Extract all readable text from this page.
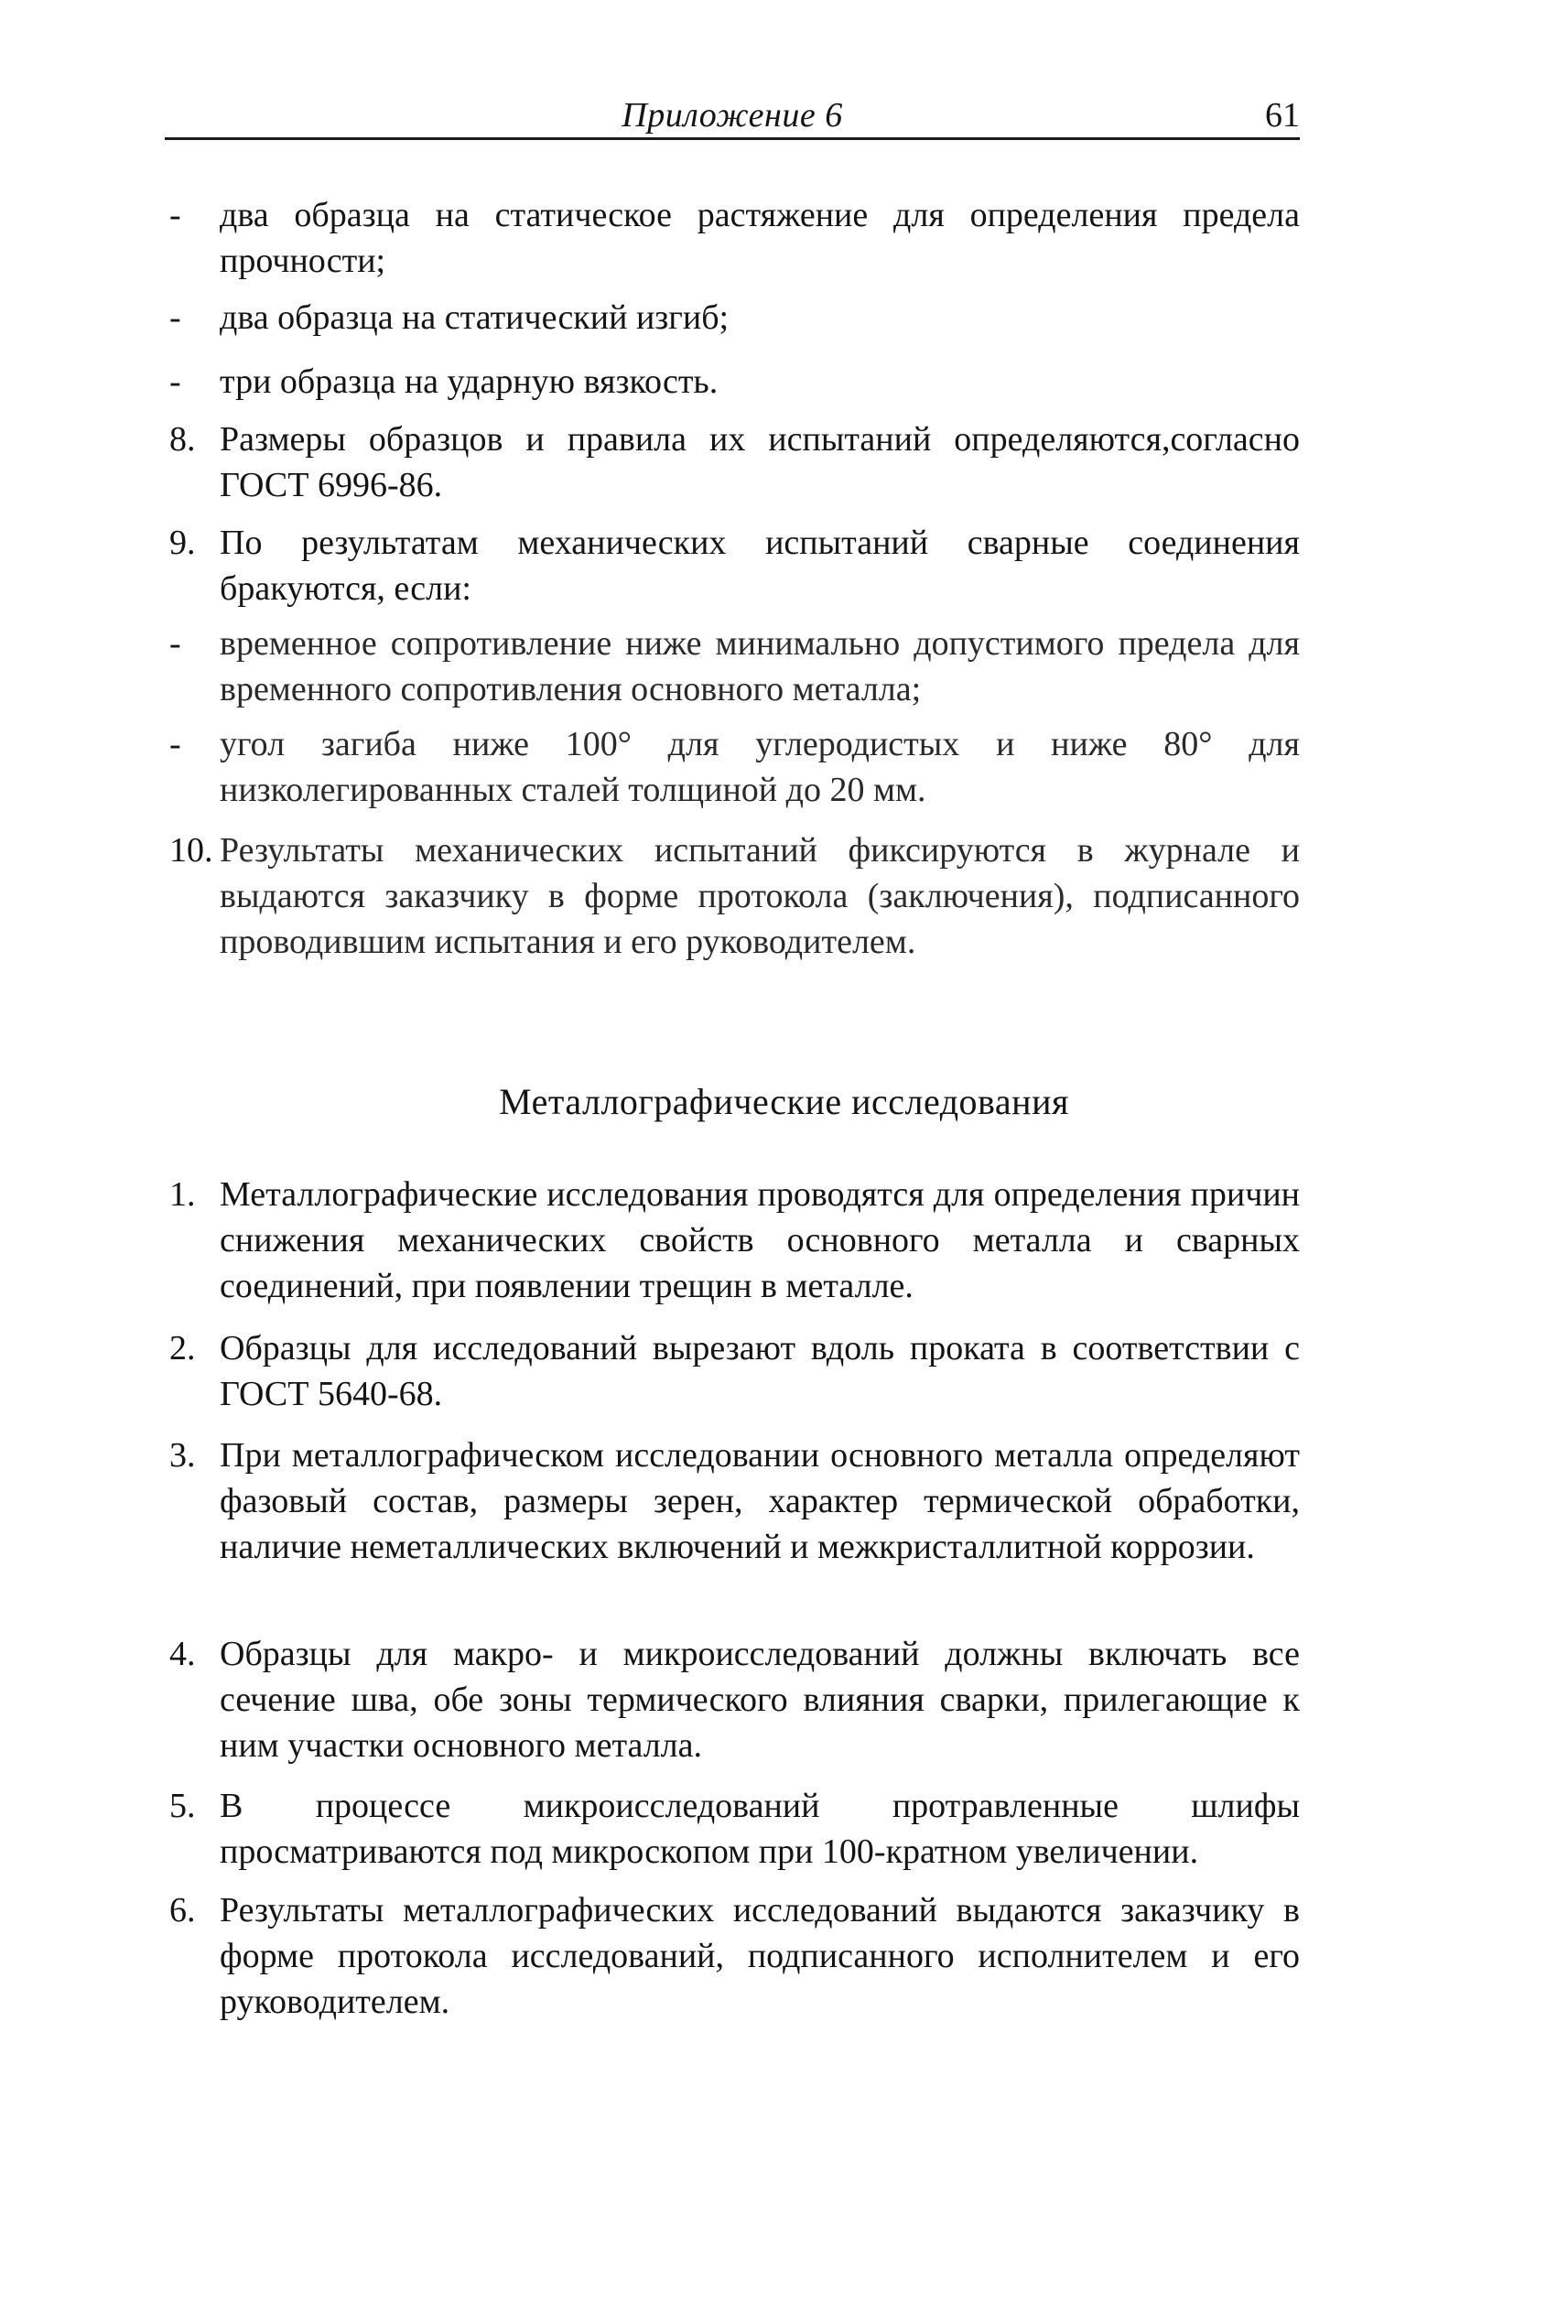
Приложение 6	61
-	два образца на статическое растяжение для определения предела прочности;
-	два образца на статический изгиб;
-	три образца на ударную вязкость.
8. Размеры образцов и правила их испытаний определяются,согласно ГОСТ 6996-86.
9. По результатам механических испытаний сварные соединения бракуются, если:
-	временное сопротивление ниже минимально допустимого предела для временного сопротивления основного металла;
-	угол загиба ниже 100° для углеродистых и ниже 80° для низколегированных сталей толщиной до 20 мм.
10. Результаты механических испытаний фиксируются в журнале и выдаются заказчику в форме протокола (заключения), подписанного проводившим испытания и его руководителем.
Металлографические исследования
1. Металлографические исследования проводятся для определения причин снижения механических свойств основного металла и сварных соединений, при появлении трещин в металле.
2. Образцы для исследований вырезают вдоль проката в соответствии с ГОСТ 5640-68.
3. При металлографическом исследовании основного металла определяют фазовый состав, размеры зерен, характер термической обработки, наличие неметаллических включений и межкристаллитной коррозии.
4. Образцы для макро- и микроисследований должны включать все сечение шва, обе зоны термического влияния сварки, прилегающие к ним участки основного металла.
5. В процессе микроисследований протравленные шлифы просматриваются под микроскопом при 100-кратном увеличении.
6. Результаты металлографических исследований выдаются заказчику в форме протокола исследований, подписанного исполнителем и его руководителем.
